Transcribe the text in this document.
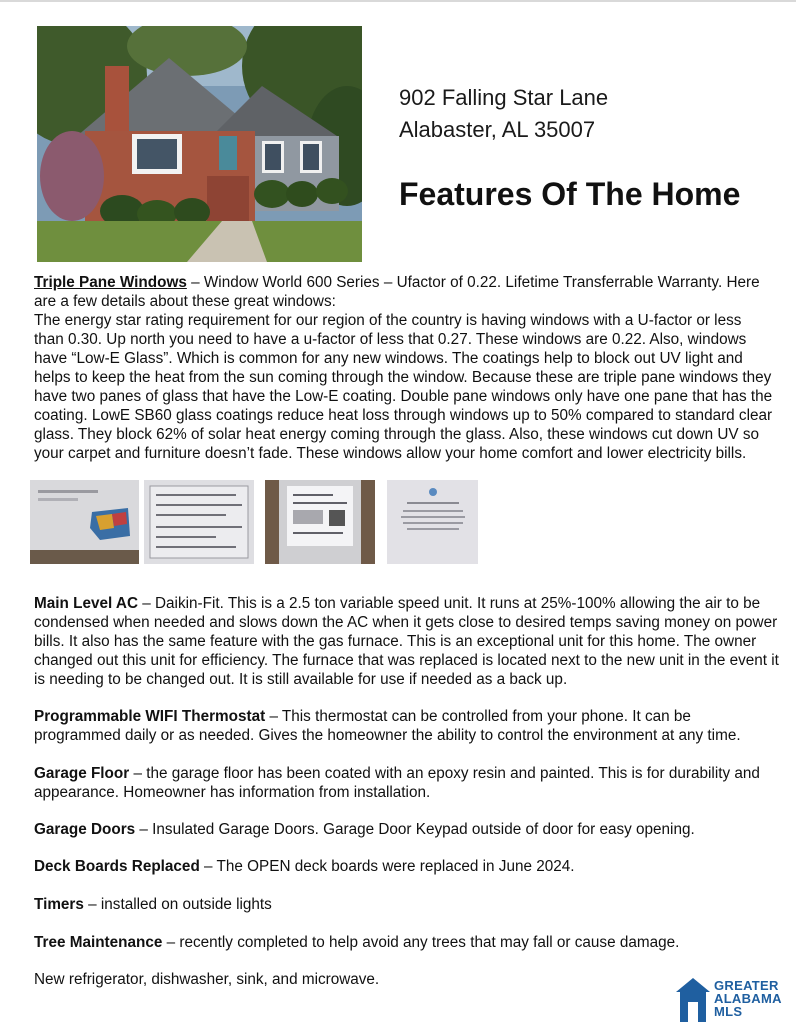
902 Falling Star Lane
Alabaster, AL 35007
Features Of The Home
Triple Pane Windows – Window World 600 Series – Ufactor of 0.22. Lifetime Transferrable Warranty. Here are a few details about these great windows:
The energy star rating requirement for our region of the country is having windows with a U-factor or less than 0.30. Up north you need to have a u-factor of less that 0.27. These windows are 0.22. Also, windows have “Low-E Glass”. Which is common for any new windows. The coatings help to block out UV light and helps to keep the heat from the sun coming through the window. Because these are triple pane windows they have two panes of glass that have the Low-E coating. Double pane windows only have one pane that has the coating. LowE SB60 glass coatings reduce heat loss through windows up to 50% compared to standard clear glass. They block 62% of solar heat energy coming through the glass. Also, these windows cut down UV so your carpet and furniture doesn’t fade. These windows allow your home comfort and lower electricity bills.
Main Level AC – Daikin-Fit. This is a 2.5 ton variable speed unit. It runs at 25%-100% allowing the air to be condensed when needed and slows down the AC when it gets close to desired temps saving money on power bills. It also has the same feature with the gas furnace. This is an exceptional unit for this home. The owner changed out this unit for efficiency. The furnace that was replaced is located next to the new unit in the event it is needing to be changed out. It is still available for use if needed as a back up.
Programmable WIFI Thermostat – This thermostat can be controlled from your phone. It can be programmed daily or as needed. Gives the homeowner the ability to control the environment at any time.
Garage Floor – the garage floor has been coated with an epoxy resin and painted. This is for durability and appearance. Homeowner has information from installation.
Garage Doors – Insulated Garage Doors. Garage Door Keypad outside of door for easy opening.
Deck Boards Replaced – The OPEN deck boards were replaced in June 2024.
Timers – installed on outside lights
Tree Maintenance – recently completed to help avoid any trees that may fall or cause damage.
New refrigerator, dishwasher, sink, and microwave.	GREATER
ALABAMA
MLS
